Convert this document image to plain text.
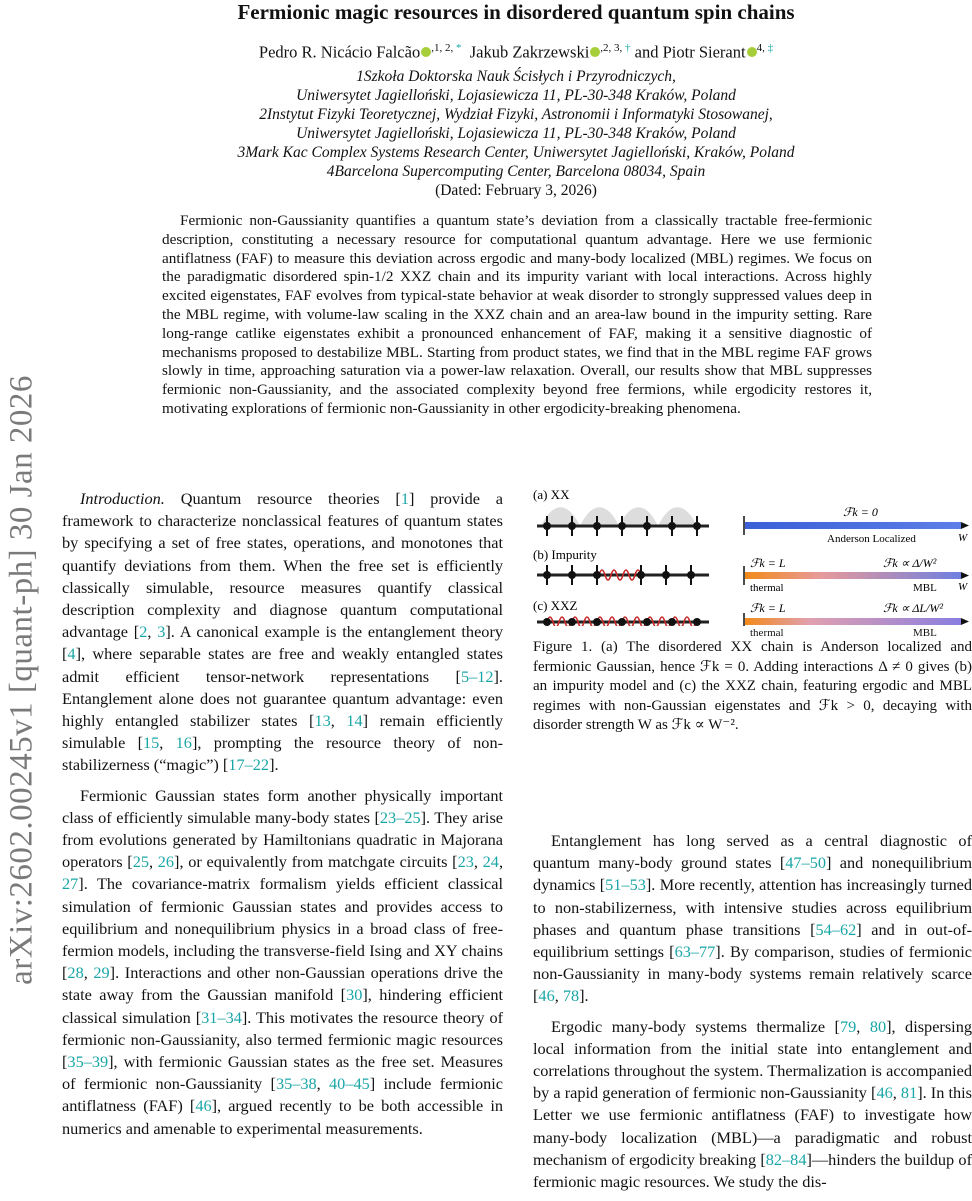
arXiv:2602.00245v1 [quant-ph] 30 Jan 2026
Fermionic magic resources in disordered quantum spin chains
Pedro R. Nicácio Falcão $^{,1, 2,}$ * Jakub Zakrzewski $^{,2, 3,}$ † and Piotr Sierant $^{4,}$ ‡
1Szkoła Doktorska Nauk Ścisłych i Przyrodniczych,
Uniwersytet Jagielloński, Lojasiewicza 11, PL-30-348 Kraków, Poland
2Instytut Fizyki Teoretycznej, Wydział Fizyki, Astronomii i Informatyki Stosowanej,
Uniwersytet Jagielloński, Lojasiewicza 11, PL-30-348 Kraków, Poland
3Mark Kac Complex Systems Research Center, Uniwersytet Jagielloński, Kraków, Poland
4Barcelona Supercomputing Center, Barcelona 08034, Spain
(Dated: February 3, 2026)

Fermionic non-Gaussianity quantifies a quantum state’s deviation from a classically tractable free-fermionic description, constituting a necessary resource for computational quantum advantage. Here we use fermionic antiflatness (FAF) to measure this deviation across ergodic and many-body localized (MBL) regimes. We focus on the paradigmatic disordered spin-1/2 XXZ chain and its impurity variant with local interactions. Across highly excited eigenstates, FAF evolves from typical-state behavior at weak disorder to strongly suppressed values deep in the MBL regime, with volume-law scaling in the XXZ chain and an area-law bound in the impurity setting. Rare long-range catlike eigenstates exhibit a pronounced enhancement of FAF, making it a sensitive diagnostic of mechanisms proposed to destabilize MBL. Starting from product states, we find that in the MBL regime FAF grows slowly in time, approaching saturation via a power-law relaxation. Overall, our results show that MBL suppresses fermionic non-Gaussianity, and the associated complexity beyond free fermions, while ergodicity restores it, motivating explorations of fermionic non-Gaussianity in other ergodicity-breaking phenomena.

Introduction. Quantum resource theories [1] provide a framework to characterize nonclassical features of quantum states by specifying a set of free states, operations, and monotones that quantify deviations from them. When the free set is efficiently classically simulable, resource measures quantify classical description complexity and diagnose quantum computational advantage [2, 3]. A canonical example is the entanglement theory [4], where separable states are free and weakly entangled states admit efficient tensor-network representations [5–12]. Entanglement alone does not guarantee quantum advantage: even highly entangled stabilizer states [13, 14] remain efficiently simulable [15, 16], prompting the resource theory of non-stabilizerness (“magic”) [17–22].

Fermionic Gaussian states form another physically important class of efficiently simulable many-body states [23–25]. They arise from evolutions generated by Hamiltonians quadratic in Majorana operators [25, 26], or equivalently from matchgate circuits [23, 24, 27]. The covariance-matrix formalism yields efficient classical simulation of fermionic Gaussian states and provides access to equilibrium and nonequilibrium physics in a broad class of free-fermion models, including the transverse-field Ising and XY chains [28, 29]. Interactions and other non-Gaussian operations drive the state away from the Gaussian manifold [30], hindering efficient classical simulation [31–34]. This motivates the resource theory of fermionic non-Gaussianity, also termed fermionic magic resources [35–39], with fermionic Gaussian states as the free set. Measures of fermionic non-Gaussianity [35–38, 40–45] include fermionic antiflatness (FAF) [46], argued recently to be both accessible in numerics and amenable to experimental measurements.

(a) XX
(b) Impurity
(c) XXZ
ℱk = 0
Anderson Localized	W
ℱk = L
thermal
ℱk ∝ Δ/W²
MBL W
ℱk = L	ℱk ∝ ΔL/W²
thermal	MBL

Figure 1. (a) The disordered XX chain is Anderson localized and fermionic Gaussian, hence ℱk = 0. Adding interactions Δ ≠ 0 gives (b) an impurity model and (c) the XXZ chain, featuring ergodic and MBL regimes with non-Gaussian eigenstates and ℱk > 0, decaying with disorder strength W as ℱk ∝ W⁻².

Entanglement has long served as a central diagnostic of quantum many-body ground states [47–50] and nonequilibrium dynamics [51–53]. More recently, attention has increasingly turned to non-stabilizerness, with intensive studies across equilibrium phases and quantum phase transitions [54–62] and in out-of-equilibrium settings [63–77]. By comparison, studies of fermionic non-Gaussianity in many-body systems remain relatively scarce [46, 78].

Ergodic many-body systems thermalize [79, 80], dispersing local information from the initial state into entanglement and correlations throughout the system. Thermalization is accompanied by a rapid generation of fermionic non-Gaussianity [46, 81]. In this Letter we use fermionic antiflatness (FAF) to investigate how many-body localization (MBL)—a paradigmatic and robust mechanism of ergodicity breaking [82–84]—hinders the buildup of fermionic magic resources. We study the dis-
